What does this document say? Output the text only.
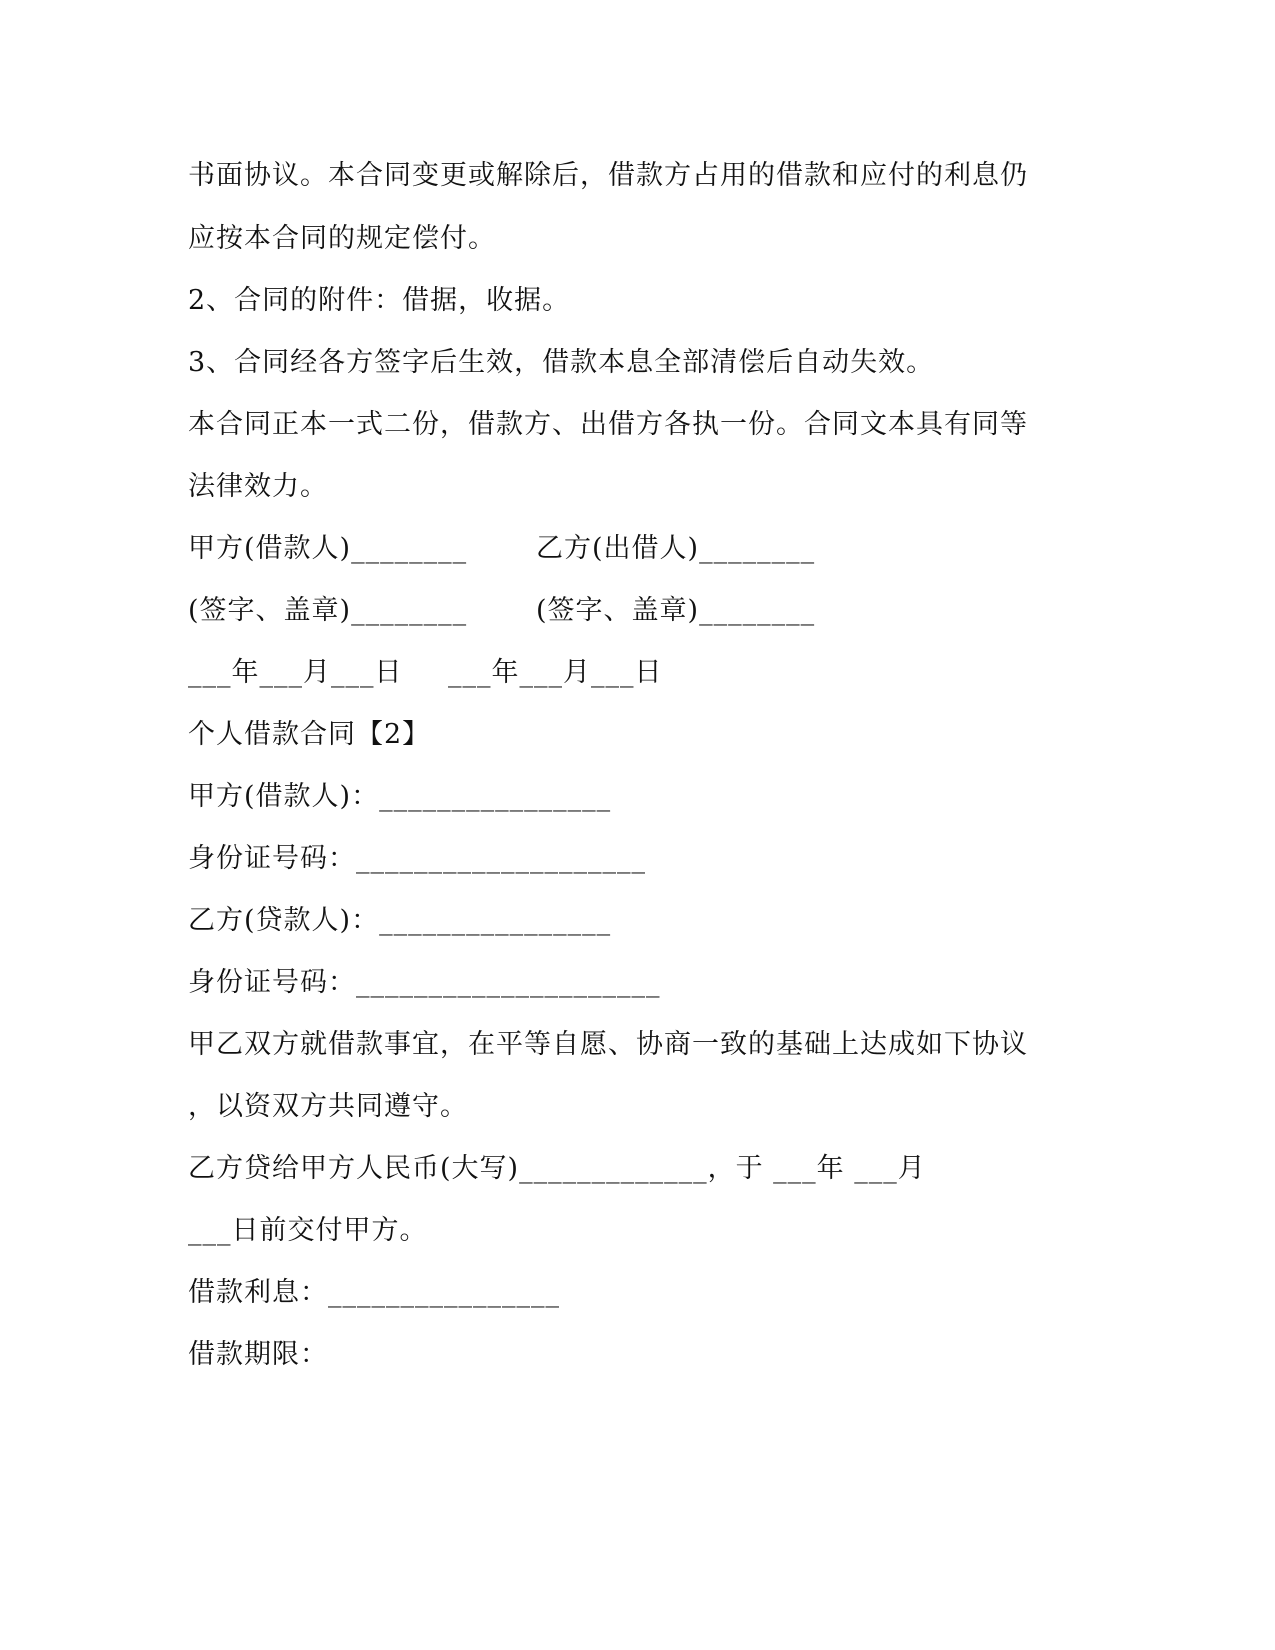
书面协议。本合同变更或解除后，借款方占用的借款和应付的利息仍
应按本合同的规定偿付。
2、合同的附件：借据，收据。
3、合同经各方签字后生效，借款本息全部清偿后自动失效。
本合同正本一式二份，借款方、出借方各执一份。合同文本具有同等
法律效力。
甲方(借款人)________	乙方(出借人)________
(签字、盖章)________	(签字、盖章)________
___年___月___日 ___年___月___日
个人借款合同【2】
甲方(借款人)：________________
身份证号码：____________________
乙方(贷款人)：________________
身份证号码：_____________________
甲乙双方就借款事宜，在平等自愿、协商一致的基础上达成如下协议
，以资双方共同遵守。
乙方贷给甲方人民币(大写)_____________，于 ___年 ___月
___日前交付甲方。
借款利息：________________
借款期限：
